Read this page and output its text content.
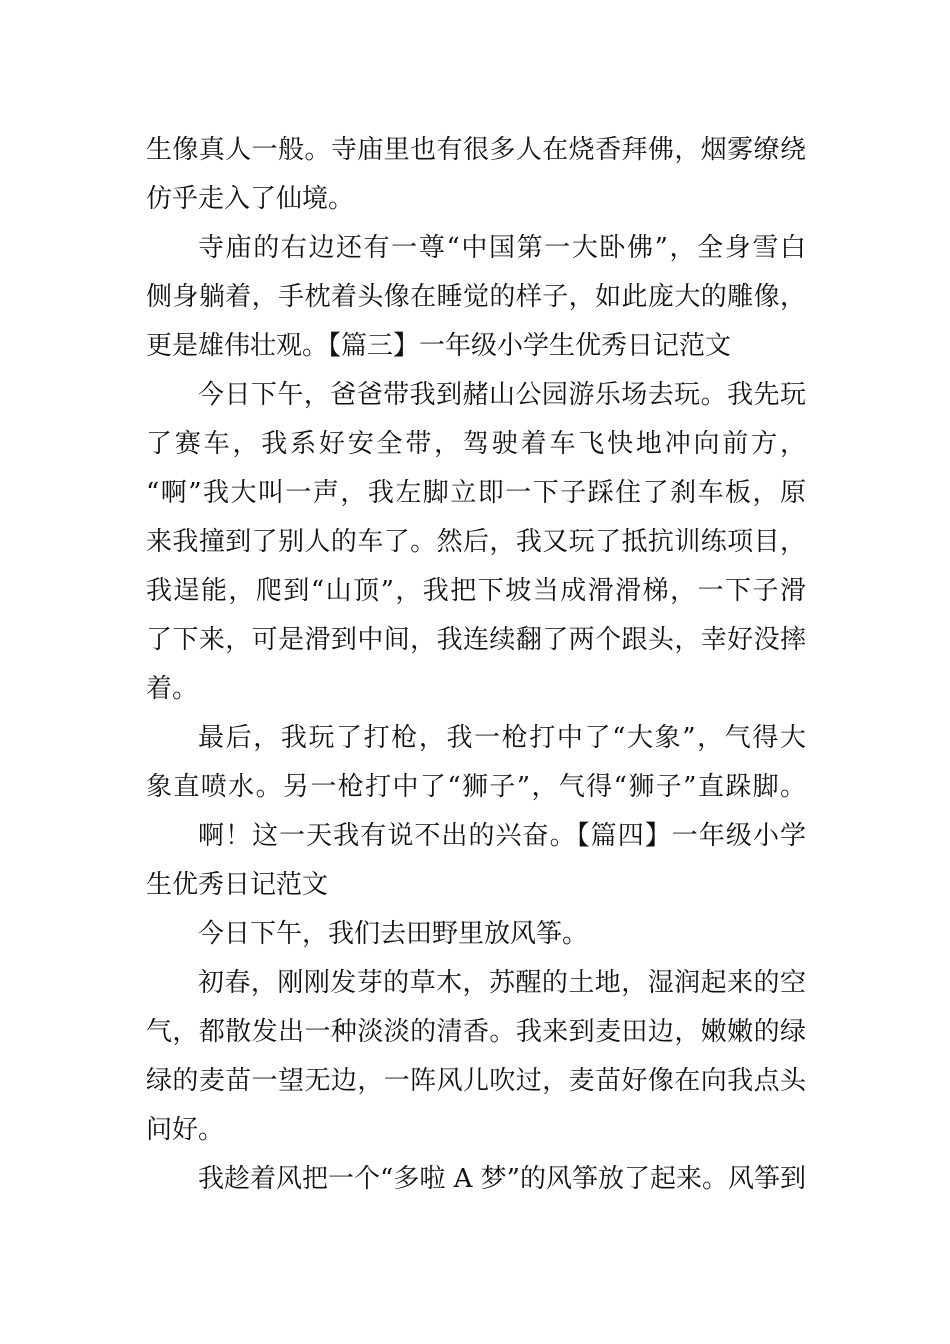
生像真人一般。寺庙里也有很多人在烧香拜佛，烟雾缭绕
仿乎走入了仙境。
寺庙的右边还有一尊“中国第一大卧佛”，全身雪白
侧身躺着，手枕着头像在睡觉的样子，如此庞大的雕像，
更是雄伟壮观。【篇三】一年级小学生优秀日记范文
今日下午，爸爸带我到赭山公园游乐场去玩。我先玩
了赛车，我系好安全带，驾驶着车飞快地冲向前方，
“啊”我大叫一声，我左脚立即一下子踩住了刹车板，原
来我撞到了别人的车了。然后，我又玩了抵抗训练项目，
我逞能，爬到“山顶”，我把下坡当成滑滑梯，一下子滑
了下来，可是滑到中间，我连续翻了两个跟头，幸好没摔
着。
最后，我玩了打枪，我一枪打中了“大象”，气得大
象直喷水。另一枪打中了“狮子”，气得“狮子”直跺脚。
啊！这一天我有说不出的兴奋。【篇四】一年级小学
生优秀日记范文
今日下午，我们去田野里放风筝。
初春，刚刚发芽的草木，苏醒的土地，湿润起来的空
气，都散发出一种淡淡的清香。我来到麦田边，嫩嫩的绿
绿的麦苗一望无边，一阵风儿吹过，麦苗好像在向我点头
问好。
我趁着风把一个“多啦 A 梦”的风筝放了起来。风筝到
